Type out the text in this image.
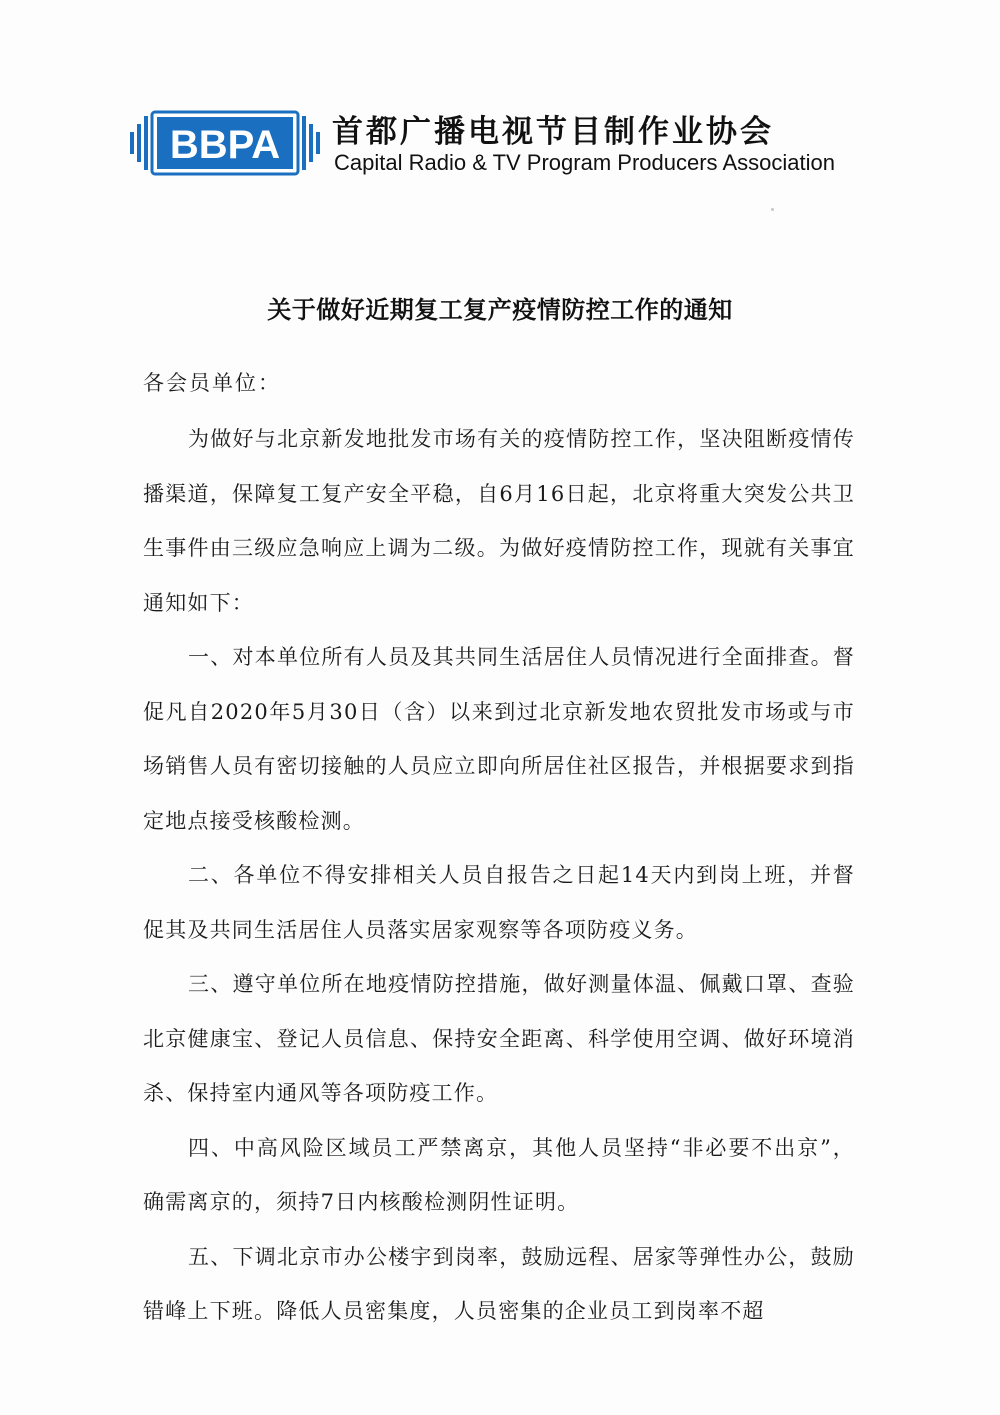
BBPA 首都广播电视节目制作业协会
Capital Radio & TV Program Producers Association
关于做好近期复工复产疫情防控工作的通知
各会员单位：

为做好与北京新发地批发市场有关的疫情防控工作，坚决阻断疫情传播渠道，保障复工复产安全平稳，自6月16日起，北京将重大突发公共卫生事件由三级应急响应上调为二级。为做好疫情防控工作，现就有关事宜通知如下：

一、对本单位所有人员及其共同生活居住人员情况进行全面排查。督促凡自2020年5月30日（含）以来到过北京新发地农贸批发市场或与市场销售人员有密切接触的人员应立即向所居住社区报告，并根据要求到指定地点接受核酸检测。

二、各单位不得安排相关人员自报告之日起14天内到岗上班，并督促其及共同生活居住人员落实居家观察等各项防疫义务。

三、遵守单位所在地疫情防控措施，做好测量体温、佩戴口罩、查验北京健康宝、登记人员信息、保持安全距离、科学使用空调、做好环境消杀、保持室内通风等各项防疫工作。

四、中高风险区域员工严禁离京，其他人员坚持“非必要不出京”，确需离京的，须持7日内核酸检测阴性证明。

五、下调北京市办公楼宇到岗率，鼓励远程、居家等弹性办公，鼓励错峰上下班。降低人员密集度，人员密集的企业员工到岗率不超
